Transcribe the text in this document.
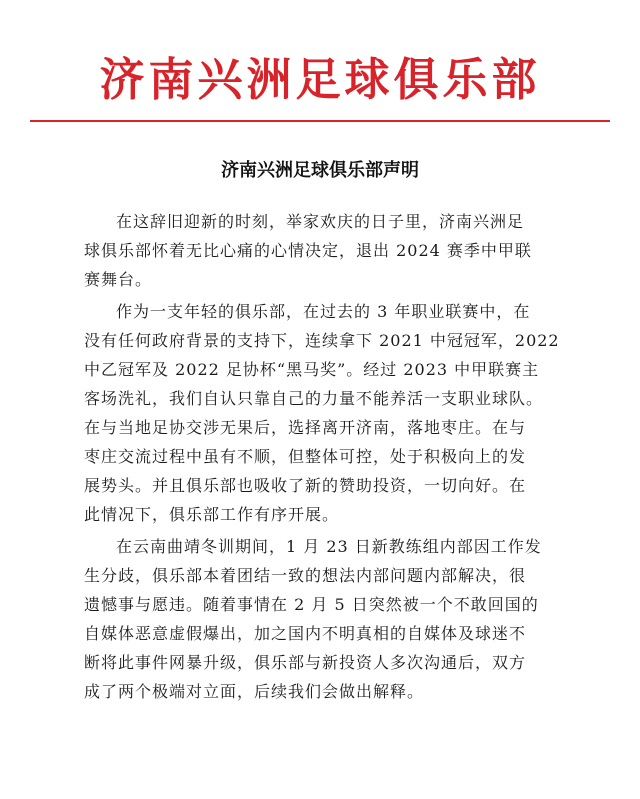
济南兴洲足球俱乐部
济南兴洲足球俱乐部声明

在这辞旧迎新的时刻，举家欢庆的日子里，济南兴洲足
球俱乐部怀着无比心痛的心情决定，退出 2024 赛季中甲联
赛舞台。

作为一支年轻的俱乐部，在过去的 3 年职业联赛中，在
没有任何政府背景的支持下，连续拿下 2021 中冠冠军，2022
中乙冠军及 2022 足协杯“黑马奖”。经过 2023 中甲联赛主
客场洗礼，我们自认只靠自己的力量不能养活一支职业球队。
在与当地足协交涉无果后，选择离开济南，落地枣庄。在与
枣庄交流过程中虽有不顺，但整体可控，处于积极向上的发
展势头。并且俱乐部也吸收了新的赞助投资，一切向好。在
此情况下，俱乐部工作有序开展。

在云南曲靖冬训期间，1 月 23 日新教练组内部因工作发
生分歧，俱乐部本着团结一致的想法内部问题内部解决，很
遗憾事与愿违。随着事情在 2 月 5 日突然被一个不敢回国的
自媒体恶意虚假爆出，加之国内不明真相的自媒体及球迷不
断将此事件网暴升级，俱乐部与新投资人多次沟通后，双方
成了两个极端对立面，后续我们会做出解释。
